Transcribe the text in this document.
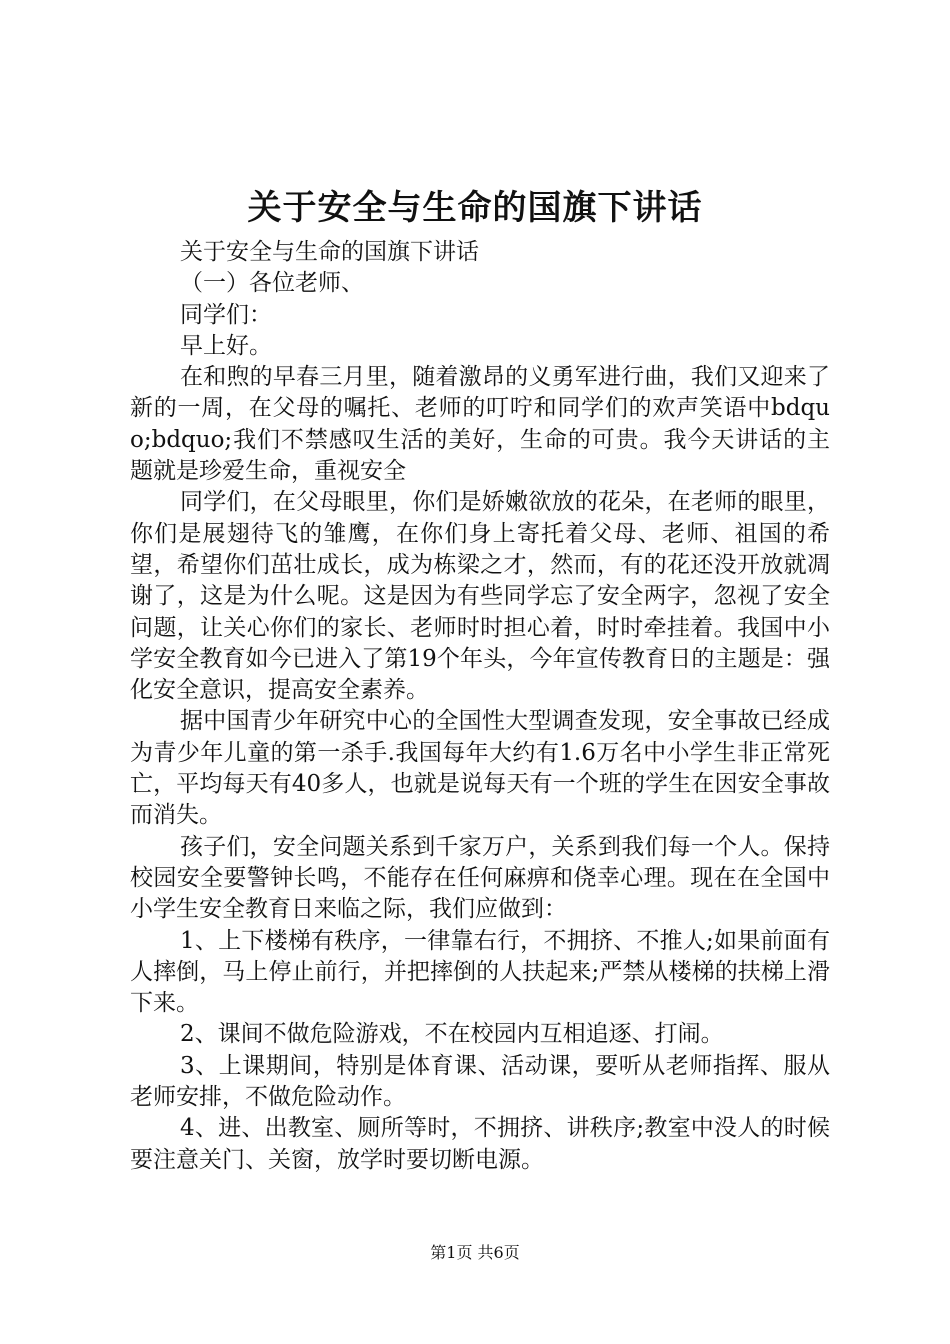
关于安全与生命的国旗下讲话

关于安全与生命的国旗下讲话

（一）各位老师、

同学们：

早上好。

在和煦的早春三月里，随着激昂的义勇军进行曲，我们又迎来了新的一周，在父母的嘱托、老师的叮咛和同学们的欢声笑语中bdquo;bdquo;我们不禁感叹生活的美好，生命的可贵。我今天讲话的主题就是珍爱生命，重视安全

同学们，在父母眼里，你们是娇嫩欲放的花朵，在老师的眼里，你们是展翅待飞的雏鹰，在你们身上寄托着父母、老师、祖国的希望，希望你们茁壮成长，成为栋梁之才，然而，有的花还没开放就凋谢了，这是为什么呢。这是因为有些同学忘了安全两字，忽视了安全问题，让关心你们的家长、老师时时担心着，时时牵挂着。我国中小学安全教育如今已进入了第19个年头，今年宣传教育日的主题是：强化安全意识，提高安全素养。

据中国青少年研究中心的全国性大型调查发现，安全事故已经成为青少年儿童的第一杀手.我国每年大约有1.6万名中小学生非正常死亡，平均每天有40多人，也就是说每天有一个班的学生在因安全事故而消失。

孩子们，安全问题关系到千家万户，关系到我们每一个人。保持校园安全要警钟长鸣，不能存在任何麻痹和侥幸心理。现在在全国中小学生安全教育日来临之际，我们应做到：

1、上下楼梯有秩序，一律靠右行，不拥挤、不推人;如果前面有人摔倒，马上停止前行，并把摔倒的人扶起来;严禁从楼梯的扶梯上滑下来。

2、课间不做危险游戏，不在校园内互相追逐、打闹。

3、上课期间，特别是体育课、活动课，要听从老师指挥、服从老师安排，不做危险动作。

4、进、出教室、厕所等时，不拥挤、讲秩序;教室中没人的时候要注意关门、关窗，放学时要切断电源。

第1页 共6页
